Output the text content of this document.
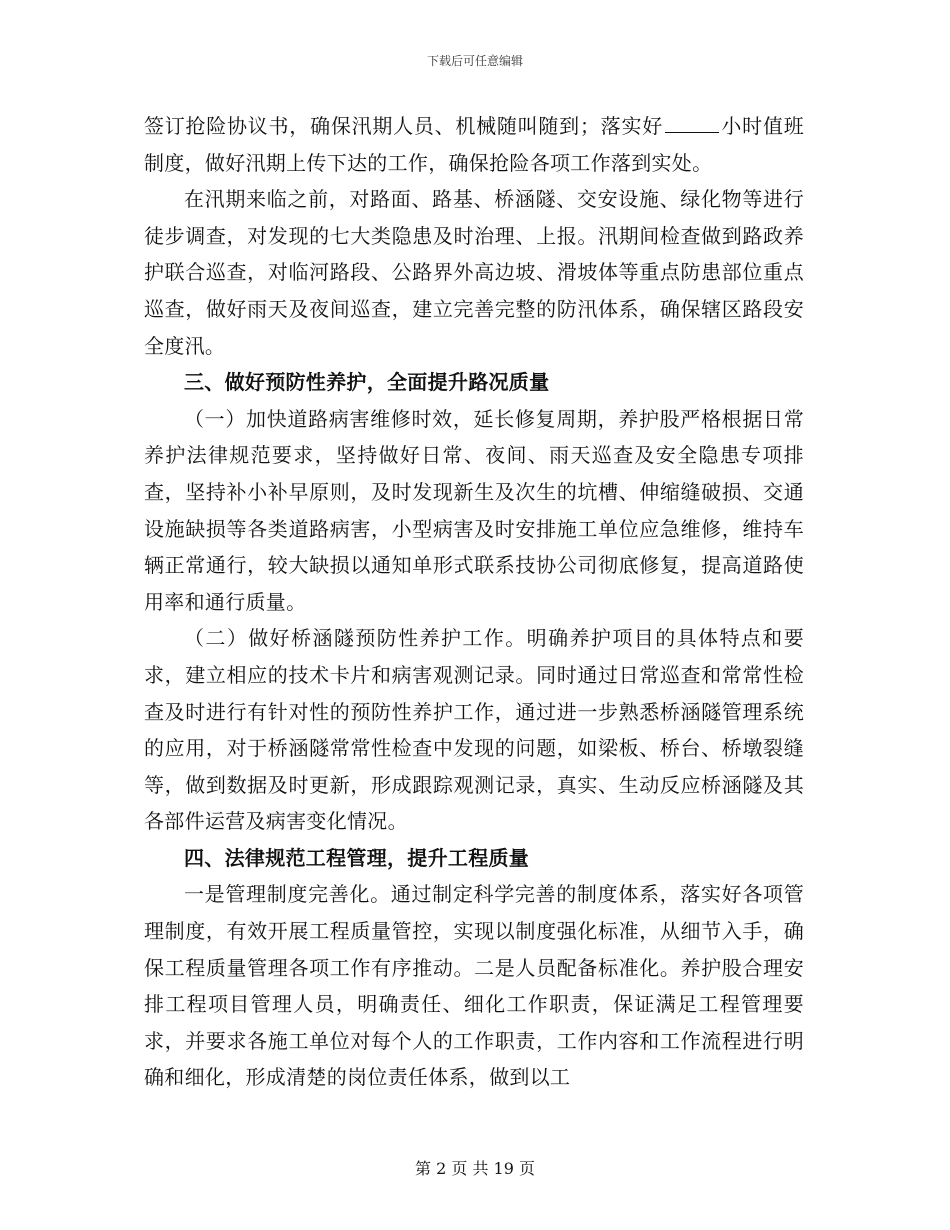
下载后可任意编辑

签订抢险协议书，确保汛期人员、机械随叫随到；落实好	小时值班制度，做好汛期上传下达的工作，确保抢险各项工作落到实处。

在汛期来临之前，对路面、路基、桥涵隧、交安设施、绿化物等进行徒步调查，对发现的七大类隐患及时治理、上报。汛期间检查做到路政养护联合巡查，对临河路段、公路界外高边坡、滑坡体等重点防患部位重点巡查，做好雨天及夜间巡查，建立完善完整的防汛体系，确保辖区路段安全度汛。

三、做好预防性养护，全面提升路况质量

（一）加快道路病害维修时效，延长修复周期，养护股严格根据日常养护法律规范要求，坚持做好日常、夜间、雨天巡查及安全隐患专项排查，坚持补小补早原则，及时发现新生及次生的坑槽、伸缩缝破损、交通设施缺损等各类道路病害，小型病害及时安排施工单位应急维修，维持车辆正常通行，较大缺损以通知单形式联系技协公司彻底修复，提高道路使用率和通行质量。

（二）做好桥涵隧预防性养护工作。明确养护项目的具体特点和要求，建立相应的技术卡片和病害观测记录。同时通过日常巡查和常常性检查及时进行有针对性的预防性养护工作，通过进一步熟悉桥涵隧管理系统的应用，对于桥涵隧常常性检查中发现的问题，如梁板、桥台、桥墩裂缝等，做到数据及时更新，形成跟踪观测记录，真实、生动反应桥涵隧及其各部件运营及病害变化情况。

四、法律规范工程管理，提升工程质量

一是管理制度完善化。通过制定科学完善的制度体系，落实好各项管理制度，有效开展工程质量管控，实现以制度强化标准，从细节入手，确保工程质量管理各项工作有序推动。二是人员配备标准化。养护股合理安排工程项目管理人员，明确责任、细化工作职责，保证满足工程管理要求，并要求各施工单位对每个人的工作职责，工作内容和工作流程进行明确和细化，形成清楚的岗位责任体系，做到以工

第 2 页 共 19 页
